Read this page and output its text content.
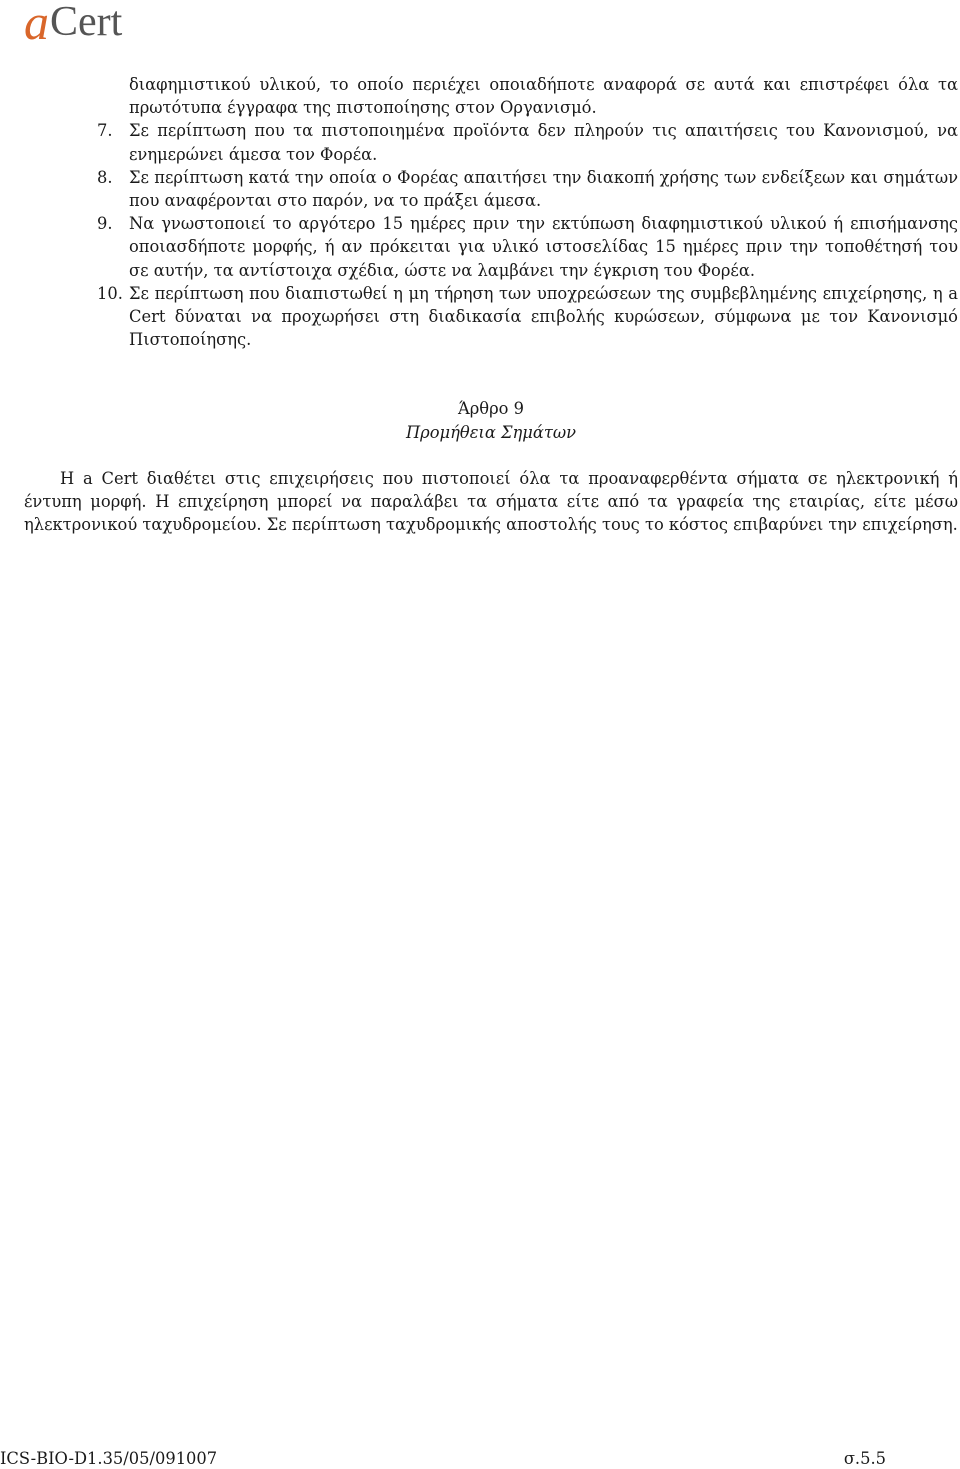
a Cert
διαφημιστικού υλικού, το οποίο περιέχει οποιαδήποτε αναφορά σε αυτά και επιστρέφει όλα τα πρωτότυπα έγγραφα της πιστοποίησης στον Οργανισμό.
7.	Σε περίπτωση που τα πιστοποιημένα προϊόντα δεν πληρούν τις απαιτήσεις του Κανονισμού, να ενημερώνει άμεσα τον Φορέα.
8.	Σε περίπτωση κατά την οποία ο Φορέας απαιτήσει την διακοπή χρήσης των ενδείξεων και σημάτων που αναφέρονται στο παρόν, να το πράξει άμεσα.
9.	Να γνωστοποιεί το αργότερο 15 ημέρες πριν την εκτύπωση διαφημιστικού υλικού ή επισήμανσης οποιασδήποτε μορφής, ή αν πρόκειται για υλικό ιστοσελίδας 15 ημέρες πριν την τοποθέτησή του σε αυτήν, τα αντίστοιχα σχέδια, ώστε να λαμβάνει την έγκριση του Φορέα.
10. Σε περίπτωση που διαπιστωθεί η μη τήρηση των υποχρεώσεων της συμβεβλημένης επιχείρησης, η a Cert δύναται να προχωρήσει στη διαδικασία επιβολής κυρώσεων, σύμφωνα με τον Κανονισμό Πιστοποίησης.
Άρθρο 9
Προμήθεια Σημάτων
Η a Cert διαθέτει στις επιχειρήσεις που πιστοποιεί όλα τα προαναφερθέντα σήματα σε ηλεκτρονική ή έντυπη μορφή. Η επιχείρηση μπορεί να παραλάβει τα σήματα είτε από τα γραφεία της εταιρίας, είτε μέσω ηλεκτρονικού ταχυδρομείου. Σε περίπτωση ταχυδρομικής αποστολής τους το κόστος επιβαρύνει την επιχείρηση.
ICS-BIO-D1.35/05/091007	σ.5.5
